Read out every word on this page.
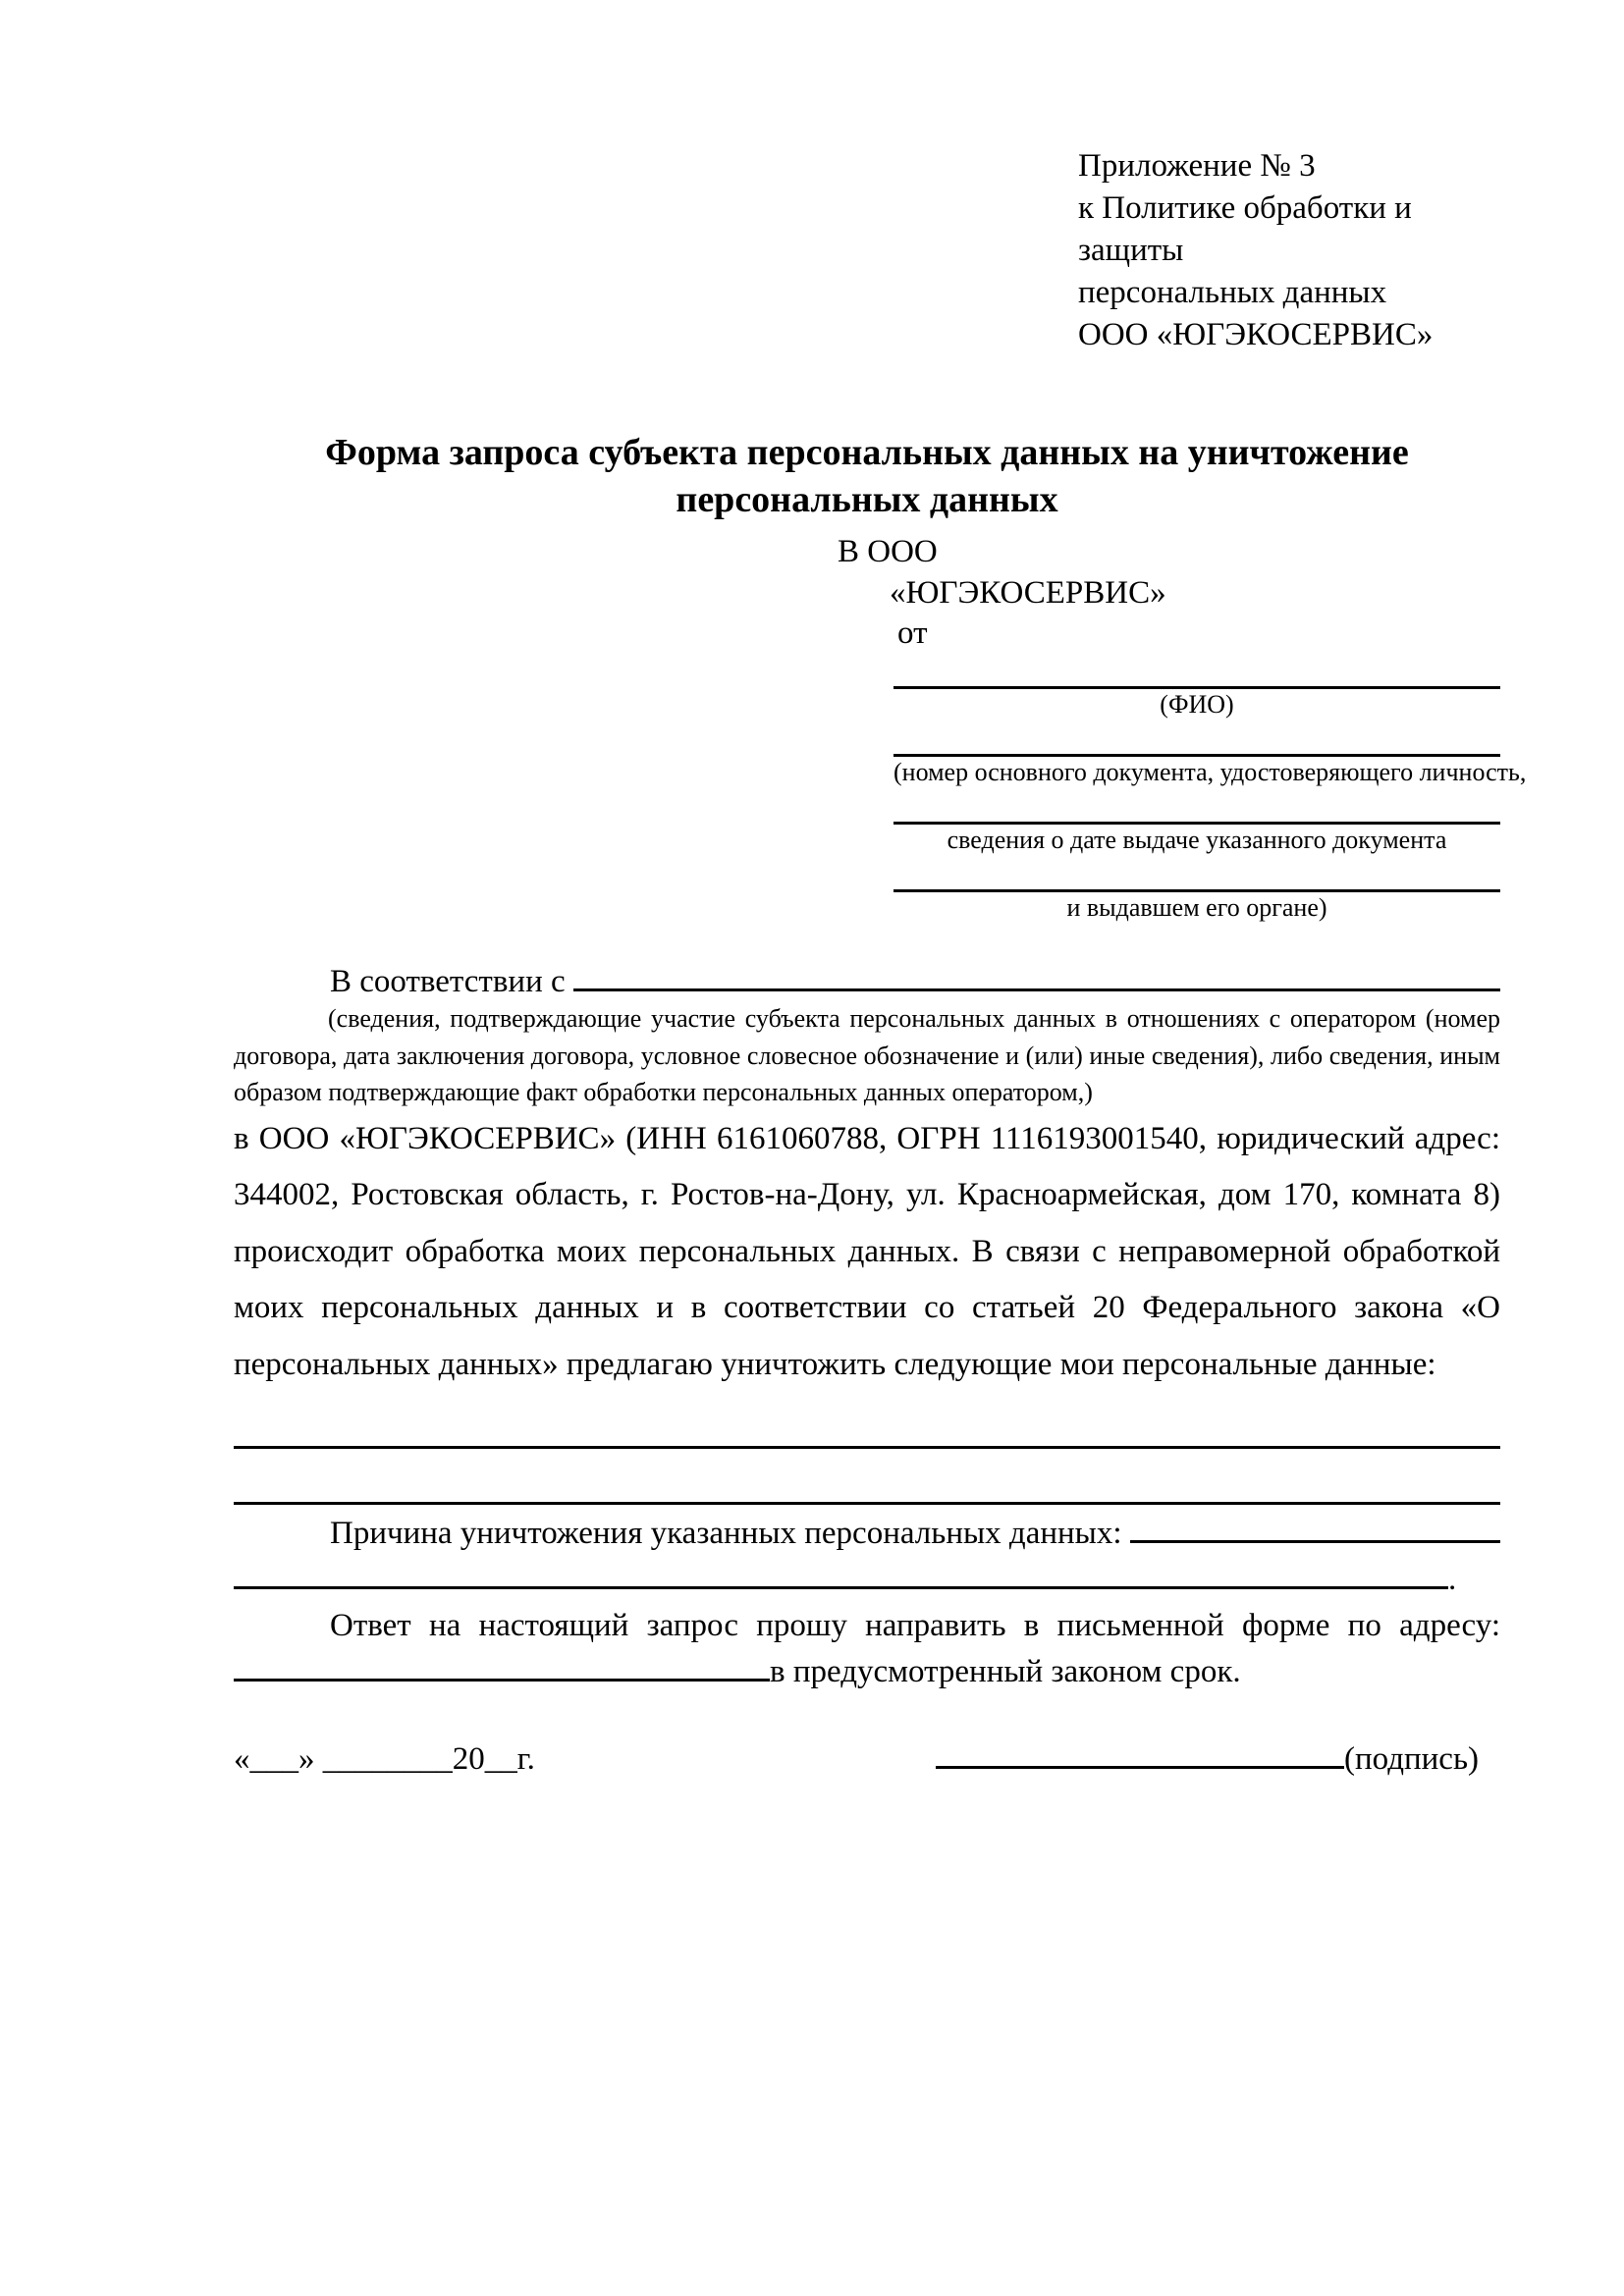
Приложение № 3
к Политике обработки и защиты
персональных данных
ООО «ЮГЭКОСЕРВИС»
Форма запроса субъекта персональных данных на уничтожение
персональных данных
В ООО
«ЮГЭКОСЕРВИС»
от
(ФИО)
(номер основного документа, удостоверяющего личность,
сведения о дате выдаче указанного документа
и выдавшем его органе)
В соответствии с
(сведения, подтверждающие участие субъекта персональных данных в отношениях с оператором (номер договора, дата заключения договора, условное словесное обозначение и (или) иные сведения), либо сведения, иным образом подтверждающие факт обработки персональных данных оператором,)
в ООО «ЮГЭКОСЕРВИС» (ИНН 6161060788, ОГРН 1116193001540, юридический адрес: 344002, Ростовская область, г. Ростов-на-Дону, ул. Красноармейская, дом 170, комната 8) происходит обработка моих персональных данных. В связи с неправомерной обработкой моих персональных данных и в соответствии со статьей 20 Федерального закона «О персональных данных» предлагаю уничтожить следующие мои персональные данные:
Причина уничтожения указанных персональных данных:
.
Ответ на настоящий запрос прошу направить в письменной форме по адресу:
в предусмотренный законом срок.
«___» ________20__г.	(подпись)
